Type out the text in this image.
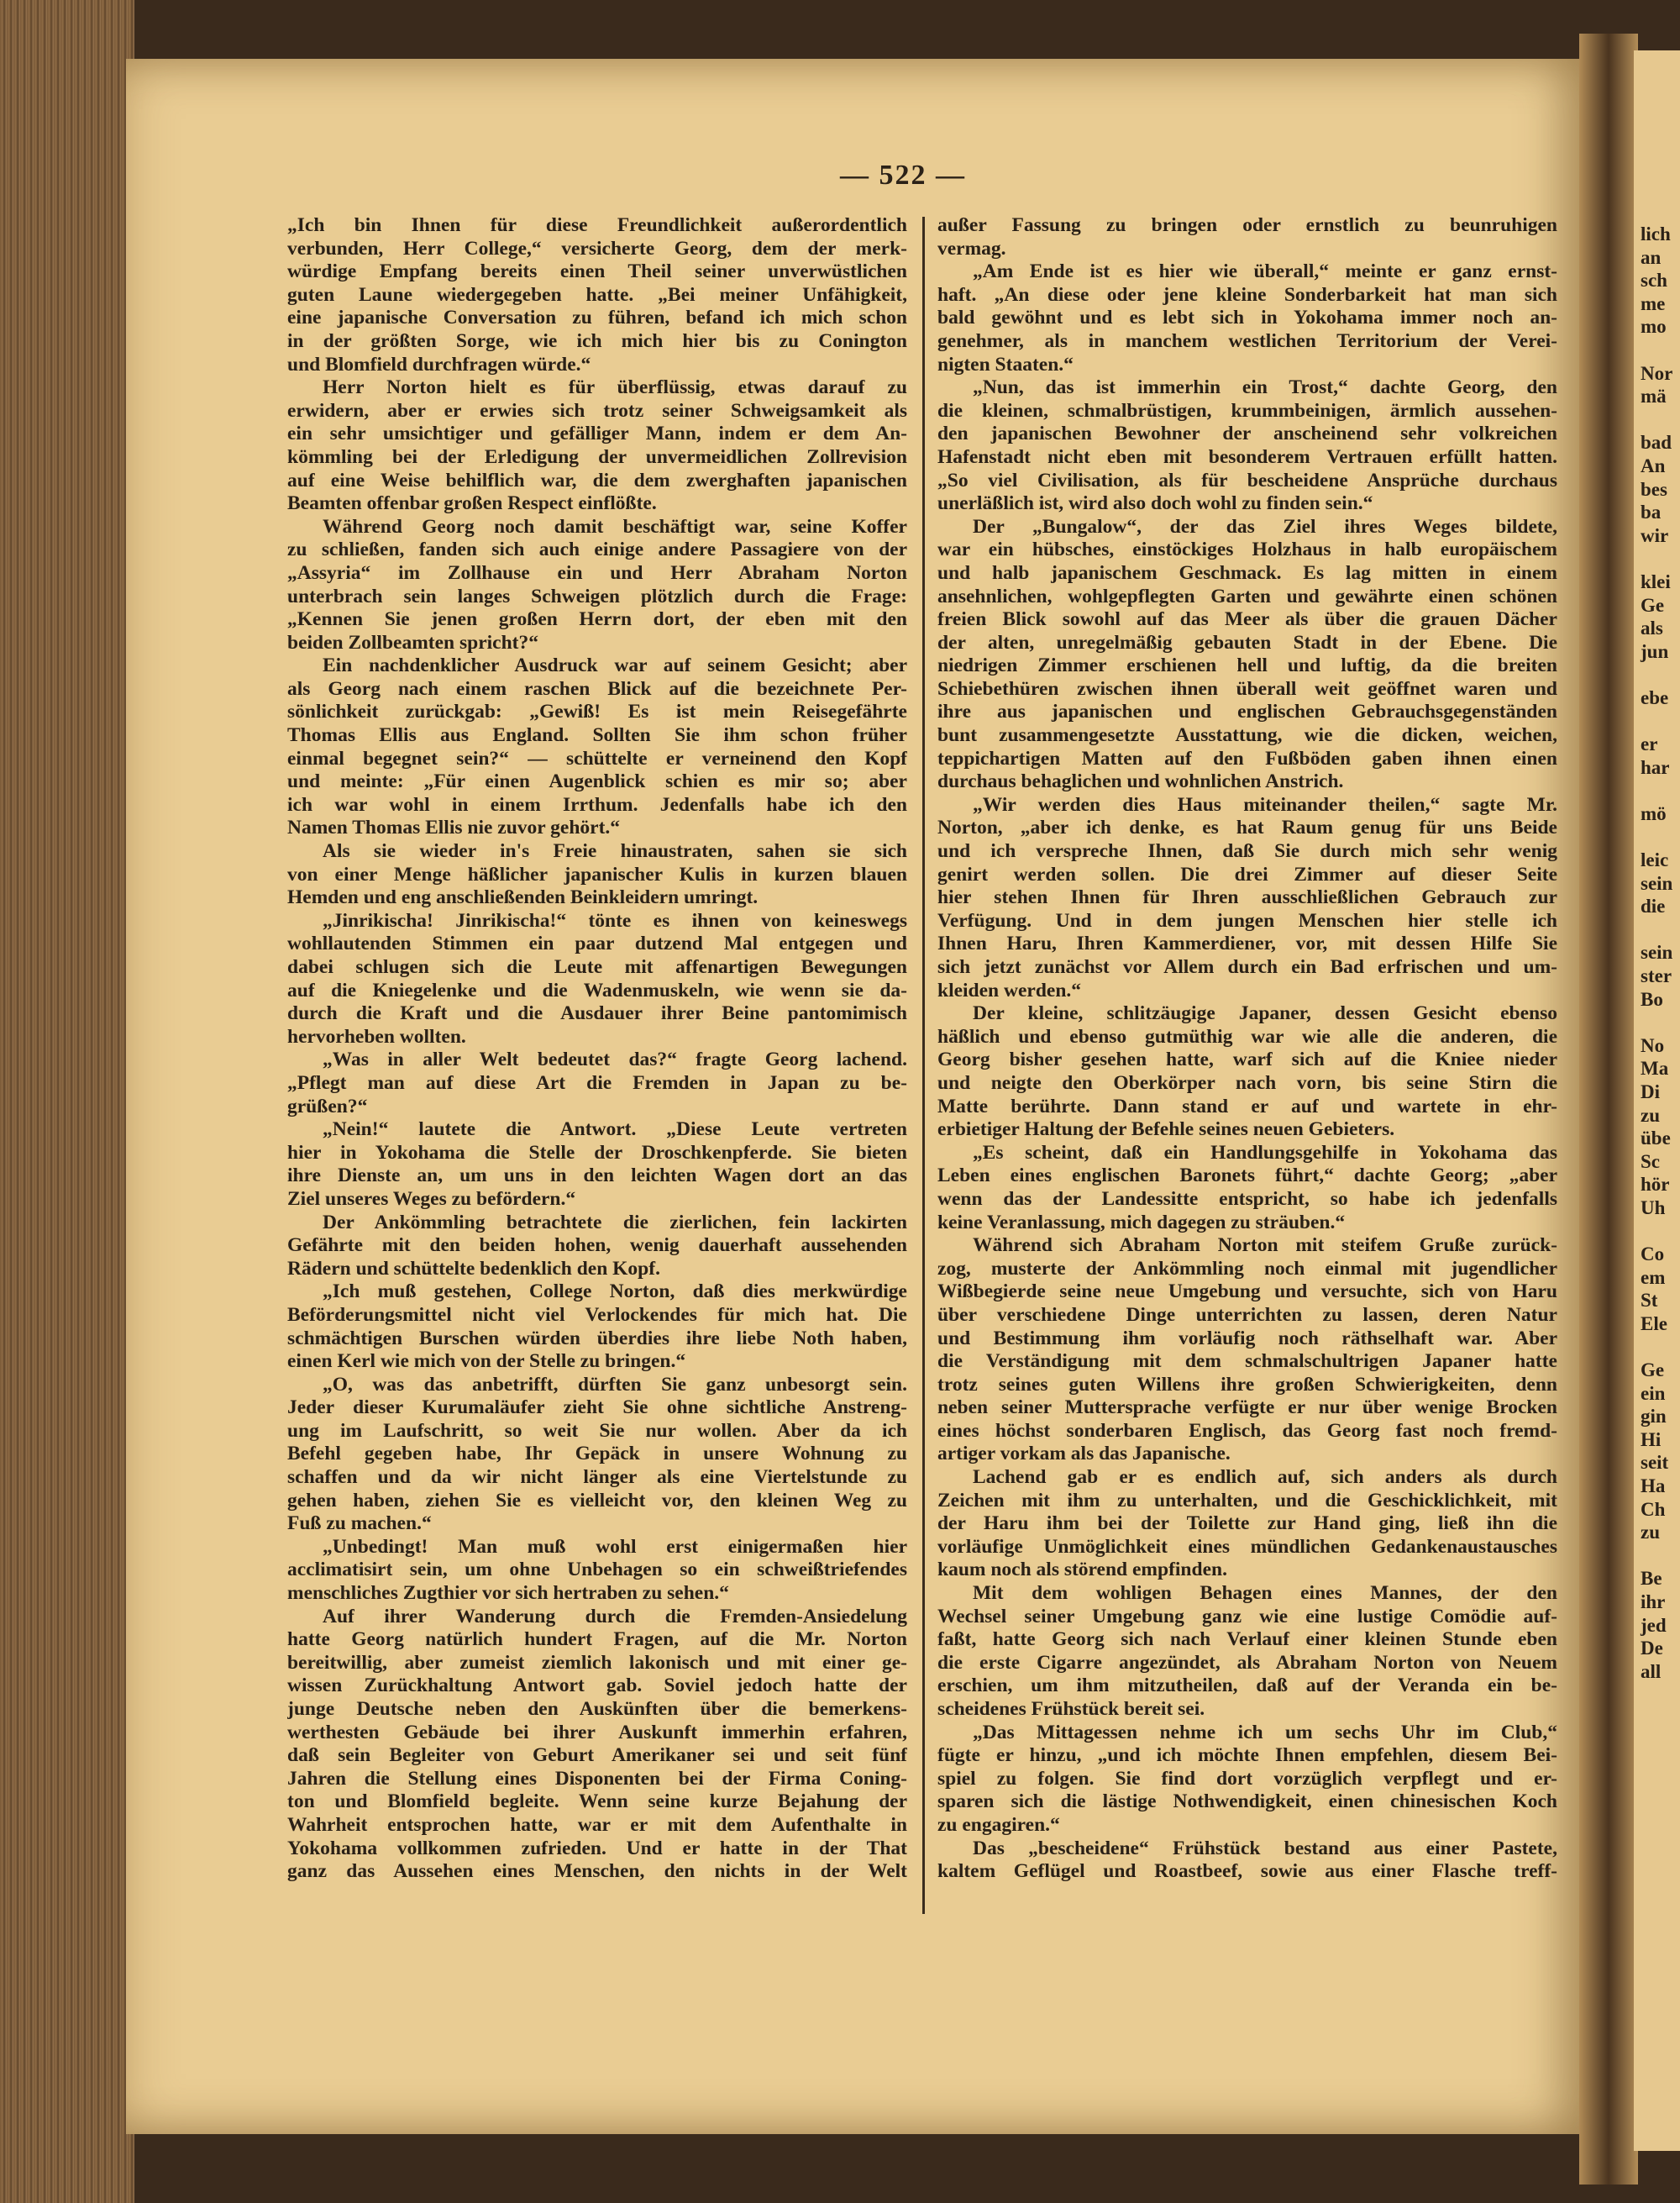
lich
an
sch
me
mo

Nor
mä

bad
An
bes
ba
wir

klei
Ge
als
jun

ebe

er
har

mö

leic
sein
die

sein
ster
Bo

No
Ma
Di
zu
übe
Sc
hör
Uh

Co
em
St
Ele

Ge
ein
gin
Hi
seit
Ha
Ch
zu

Be
ihr
jed
De
all
— 522 —
„Ich bin Ihnen für diese Freundlichkeit außerordentlich
verbunden, Herr College,“ versicherte Georg, dem der merk-
würdige Empfang bereits einen Theil seiner unverwüstlichen
guten Laune wiedergegeben hatte. „Bei meiner Unfähigkeit,
eine japanische Conversation zu führen, befand ich mich schon
in der größten Sorge, wie ich mich hier bis zu Conington
und Blomfield durchfragen würde.“
Herr Norton hielt es für überflüssig, etwas darauf zu
erwidern, aber er erwies sich trotz seiner Schweigsamkeit als
ein sehr umsichtiger und gefälliger Mann, indem er dem An-
kömmling bei der Erledigung der unvermeidlichen Zollrevision
auf eine Weise behilflich war, die dem zwerghaften japanischen
Beamten offenbar großen Respect einflößte.
Während Georg noch damit beschäftigt war, seine Koffer
zu schließen, fanden sich auch einige andere Passagiere von der
„Assyria“ im Zollhause ein und Herr Abraham Norton
unterbrach sein langes Schweigen plötzlich durch die Frage:
„Kennen Sie jenen großen Herrn dort, der eben mit den
beiden Zollbeamten spricht?“
Ein nachdenklicher Ausdruck war auf seinem Gesicht; aber
als Georg nach einem raschen Blick auf die bezeichnete Per-
sönlichkeit zurückgab: „Gewiß! Es ist mein Reisegefährte
Thomas Ellis aus England. Sollten Sie ihm schon früher
einmal begegnet sein?“ — schüttelte er verneinend den Kopf
und meinte: „Für einen Augenblick schien es mir so; aber
ich war wohl in einem Irrthum. Jedenfalls habe ich den
Namen Thomas Ellis nie zuvor gehört.“
Als sie wieder in's Freie hinaustraten, sahen sie sich
von einer Menge häßlicher japanischer Kulis in kurzen blauen
Hemden und eng anschließenden Beinkleidern umringt.
„Jinrikischa! Jinrikischa!“ tönte es ihnen von keineswegs
wohllautenden Stimmen ein paar dutzend Mal entgegen und
dabei schlugen sich die Leute mit affenartigen Bewegungen
auf die Kniegelenke und die Wadenmuskeln, wie wenn sie da-
durch die Kraft und die Ausdauer ihrer Beine pantomimisch
hervorheben wollten.
„Was in aller Welt bedeutet das?“ fragte Georg lachend.
„Pflegt man auf diese Art die Fremden in Japan zu be-
grüßen?“
„Nein!“ lautete die Antwort. „Diese Leute vertreten
hier in Yokohama die Stelle der Droschkenpferde. Sie bieten
ihre Dienste an, um uns in den leichten Wagen dort an das
Ziel unseres Weges zu befördern.“
Der Ankömmling betrachtete die zierlichen, fein lackirten
Gefährte mit den beiden hohen, wenig dauerhaft aussehenden
Rädern und schüttelte bedenklich den Kopf.
„Ich muß gestehen, College Norton, daß dies merkwürdige
Beförderungsmittel nicht viel Verlockendes für mich hat. Die
schmächtigen Burschen würden überdies ihre liebe Noth haben,
einen Kerl wie mich von der Stelle zu bringen.“
„O, was das anbetrifft, dürften Sie ganz unbesorgt sein.
Jeder dieser Kurumaläufer zieht Sie ohne sichtliche Anstreng-
ung im Laufschritt, so weit Sie nur wollen. Aber da ich
Befehl gegeben habe, Ihr Gepäck in unsere Wohnung zu
schaffen und da wir nicht länger als eine Viertelstunde zu
gehen haben, ziehen Sie es vielleicht vor, den kleinen Weg zu
Fuß zu machen.“
„Unbedingt! Man muß wohl erst einigermaßen hier
acclimatisirt sein, um ohne Unbehagen so ein schweißtriefendes
menschliches Zugthier vor sich hertraben zu sehen.“
Auf ihrer Wanderung durch die Fremden-Ansiedelung
hatte Georg natürlich hundert Fragen, auf die Mr. Norton
bereitwillig, aber zumeist ziemlich lakonisch und mit einer ge-
wissen Zurückhaltung Antwort gab. Soviel jedoch hatte der
junge Deutsche neben den Auskünften über die bemerkens-
werthesten Gebäude bei ihrer Auskunft immerhin erfahren,
daß sein Begleiter von Geburt Amerikaner sei und seit fünf
Jahren die Stellung eines Disponenten bei der Firma Coning-
ton und Blomfield begleite. Wenn seine kurze Bejahung der
Wahrheit entsprochen hatte, war er mit dem Aufenthalte in
Yokohama vollkommen zufrieden. Und er hatte in der That
ganz das Aussehen eines Menschen, den nichts in der Welt
außer Fassung zu bringen oder ernstlich zu beunruhigen
vermag.
„Am Ende ist es hier wie überall,“ meinte er ganz ernst-
haft. „An diese oder jene kleine Sonderbarkeit hat man sich
bald gewöhnt und es lebt sich in Yokohama immer noch an-
genehmer, als in manchem westlichen Territorium der Verei-
nigten Staaten.“
„Nun, das ist immerhin ein Trost,“ dachte Georg, den
die kleinen, schmalbrüstigen, krummbeinigen, ärmlich aussehen-
den japanischen Bewohner der anscheinend sehr volkreichen
Hafenstadt nicht eben mit besonderem Vertrauen erfüllt hatten.
„So viel Civilisation, als für bescheidene Ansprüche durchaus
unerläßlich ist, wird also doch wohl zu finden sein.“
Der „Bungalow“, der das Ziel ihres Weges bildete,
war ein hübsches, einstöckiges Holzhaus in halb europäischem
und halb japanischem Geschmack. Es lag mitten in einem
ansehnlichen, wohlgepflegten Garten und gewährte einen schönen
freien Blick sowohl auf das Meer als über die grauen Dächer
der alten, unregelmäßig gebauten Stadt in der Ebene. Die
niedrigen Zimmer erschienen hell und luftig, da die breiten
Schiebethüren zwischen ihnen überall weit geöffnet waren und
ihre aus japanischen und englischen Gebrauchsgegenständen
bunt zusammengesetzte Ausstattung, wie die dicken, weichen,
teppichartigen Matten auf den Fußböden gaben ihnen einen
durchaus behaglichen und wohnlichen Anstrich.
„Wir werden dies Haus miteinander theilen,“ sagte Mr.
Norton, „aber ich denke, es hat Raum genug für uns Beide
und ich verspreche Ihnen, daß Sie durch mich sehr wenig
genirt werden sollen. Die drei Zimmer auf dieser Seite
hier stehen Ihnen für Ihren ausschließlichen Gebrauch zur
Verfügung. Und in dem jungen Menschen hier stelle ich
Ihnen Haru, Ihren Kammerdiener, vor, mit dessen Hilfe Sie
sich jetzt zunächst vor Allem durch ein Bad erfrischen und um-
kleiden werden.“
Der kleine, schlitzäugige Japaner, dessen Gesicht ebenso
häßlich und ebenso gutmüthig war wie alle die anderen, die
Georg bisher gesehen hatte, warf sich auf die Kniee nieder
und neigte den Oberkörper nach vorn, bis seine Stirn die
Matte berührte. Dann stand er auf und wartete in ehr-
erbietiger Haltung der Befehle seines neuen Gebieters.
„Es scheint, daß ein Handlungsgehilfe in Yokohama das
Leben eines englischen Baronets führt,“ dachte Georg; „aber
wenn das der Landessitte entspricht, so habe ich jedenfalls
keine Veranlassung, mich dagegen zu sträuben.“
Während sich Abraham Norton mit steifem Gruße zurück-
zog, musterte der Ankömmling noch einmal mit jugendlicher
Wißbegierde seine neue Umgebung und versuchte, sich von Haru
über verschiedene Dinge unterrichten zu lassen, deren Natur
und Bestimmung ihm vorläufig noch räthselhaft war. Aber
die Verständigung mit dem schmalschultrigen Japaner hatte
trotz seines guten Willens ihre großen Schwierigkeiten, denn
neben seiner Muttersprache verfügte er nur über wenige Brocken
eines höchst sonderbaren Englisch, das Georg fast noch fremd-
artiger vorkam als das Japanische.
Lachend gab er es endlich auf, sich anders als durch
Zeichen mit ihm zu unterhalten, und die Geschicklichkeit, mit
der Haru ihm bei der Toilette zur Hand ging, ließ ihn die
vorläufige Unmöglichkeit eines mündlichen Gedankenaustausches
kaum noch als störend empfinden.
Mit dem wohligen Behagen eines Mannes, der den
Wechsel seiner Umgebung ganz wie eine lustige Comödie auf-
faßt, hatte Georg sich nach Verlauf einer kleinen Stunde eben
die erste Cigarre angezündet, als Abraham Norton von Neuem
erschien, um ihm mitzutheilen, daß auf der Veranda ein be-
scheidenes Frühstück bereit sei.
„Das Mittagessen nehme ich um sechs Uhr im Club,“
fügte er hinzu, „und ich möchte Ihnen empfehlen, diesem Bei-
spiel zu folgen. Sie find dort vorzüglich verpflegt und er-
sparen sich die lästige Nothwendigkeit, einen chinesischen Koch
zu engagiren.“
Das „bescheidene“ Frühstück bestand aus einer Pastete,
kaltem Geflügel und Roastbeef, sowie aus einer Flasche treff-
